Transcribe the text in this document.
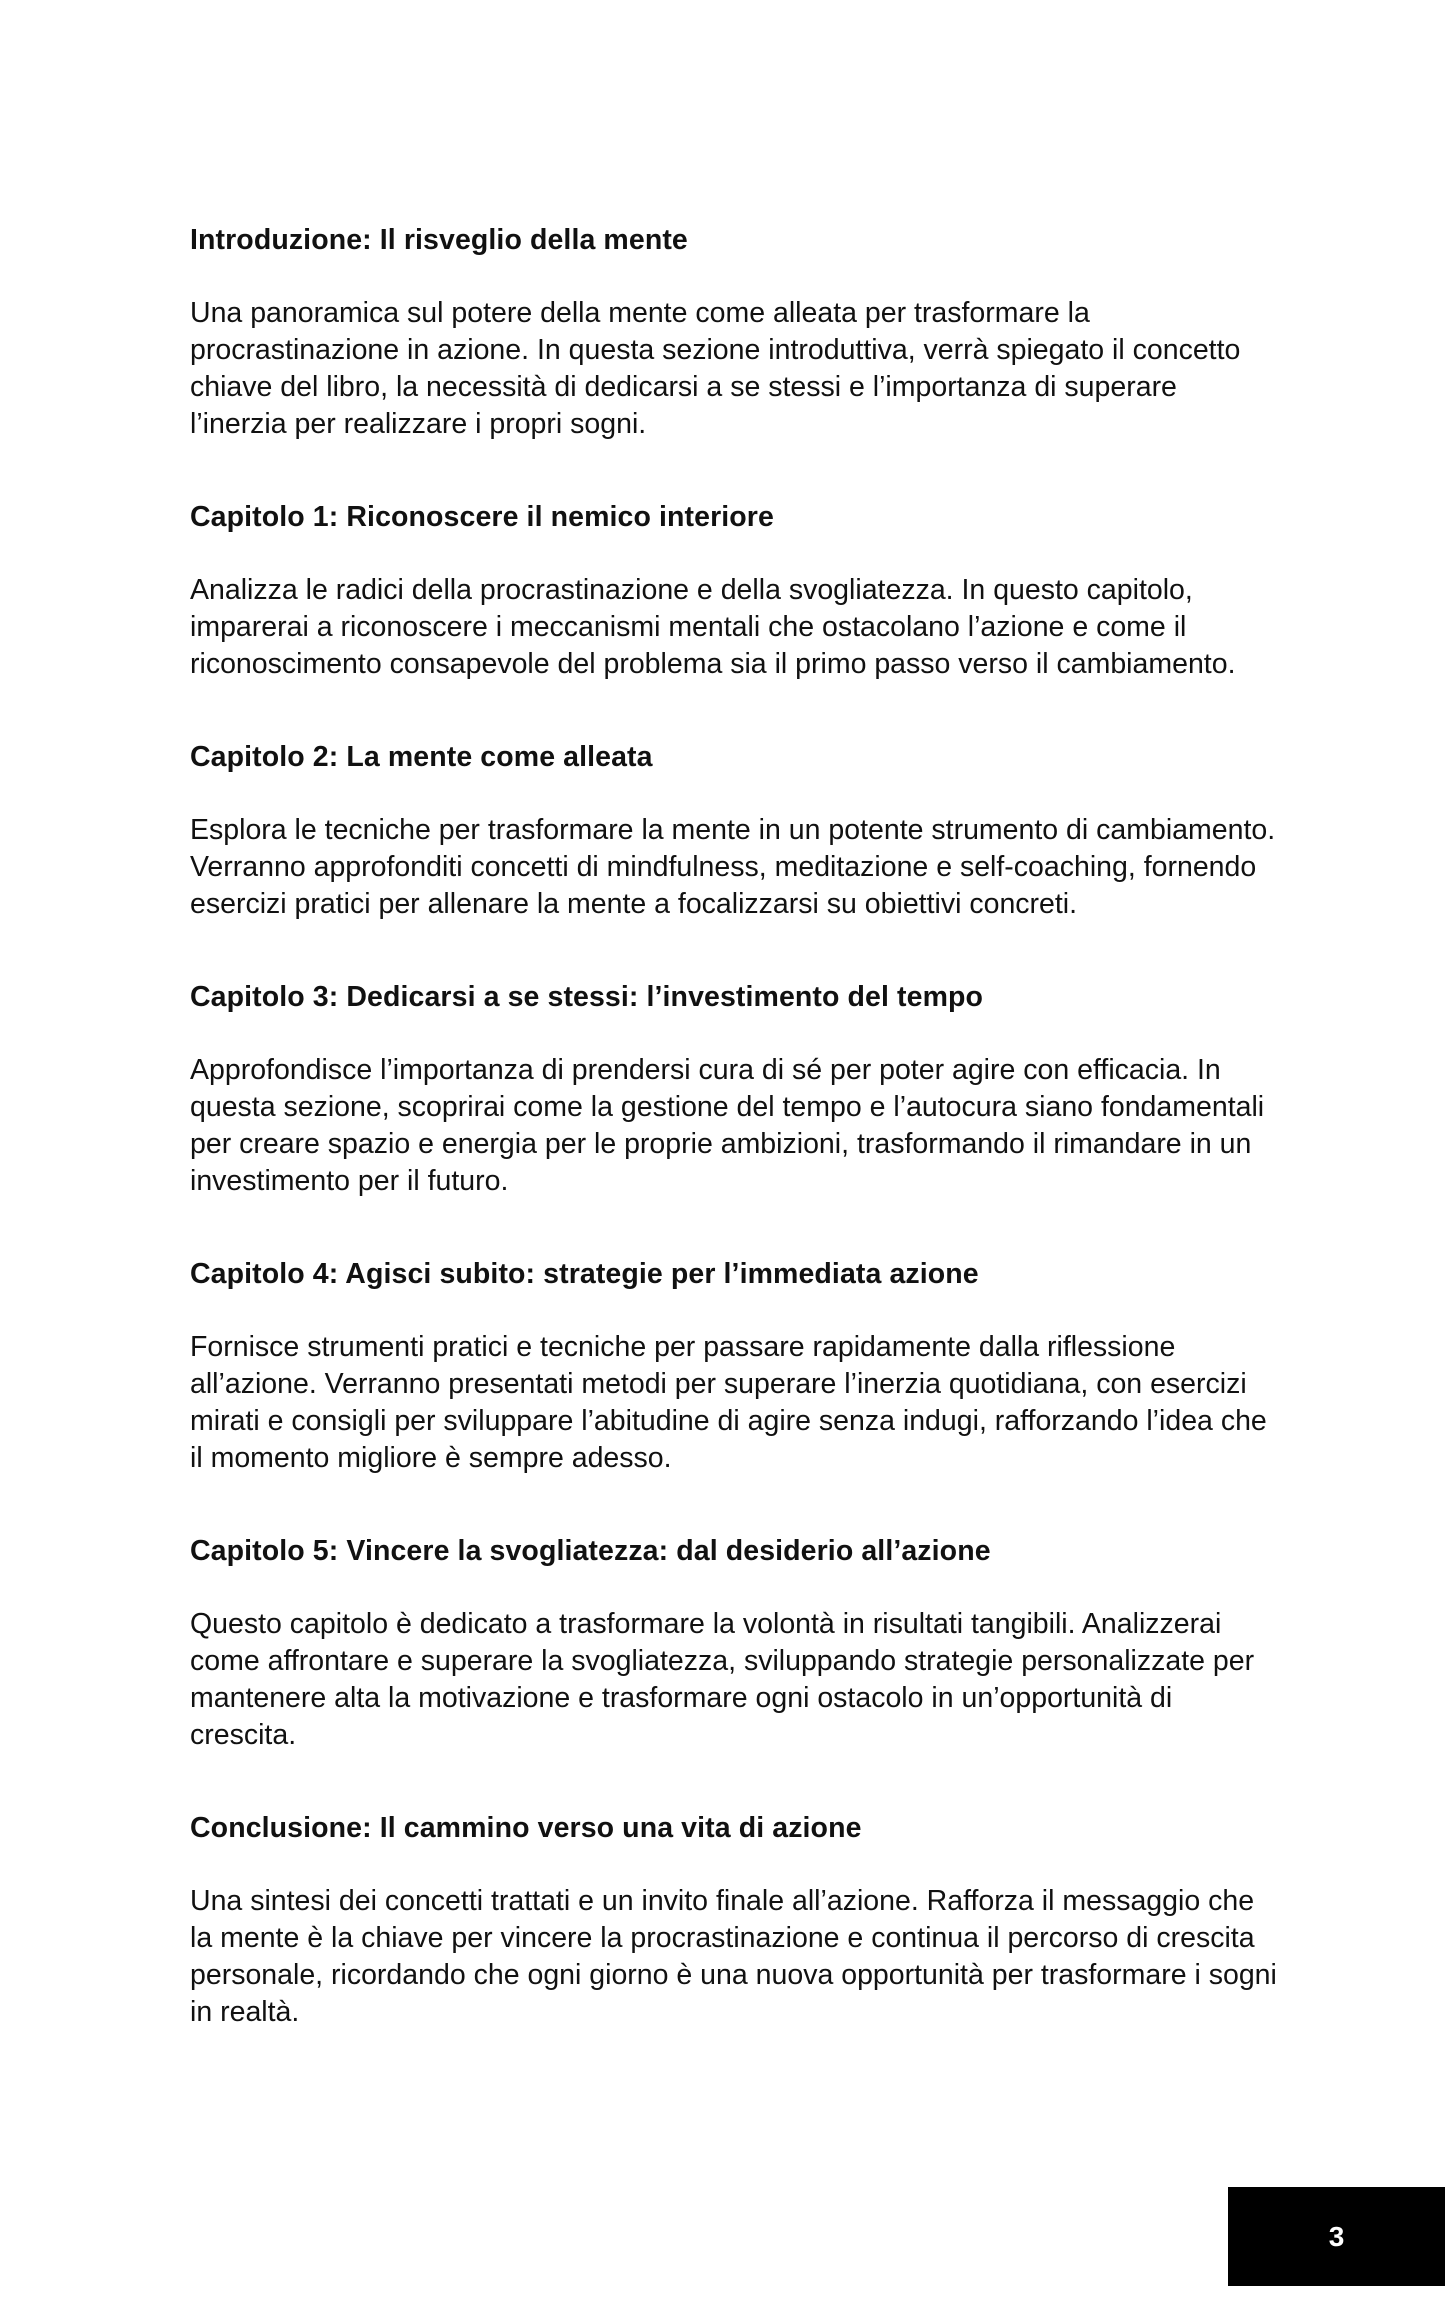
Introduzione: Il risveglio della mente

Una panoramica sul potere della mente come alleata per trasformare la procrastinazione in azione. In questa sezione introduttiva, verrà spiegato il concetto chiave del libro, la necessità di dedicarsi a se stessi e l’importanza di superare l’inerzia per realizzare i propri sogni.

Capitolo 1: Riconoscere il nemico interiore

Analizza le radici della procrastinazione e della svogliatezza. In questo capitolo, imparerai a riconoscere i meccanismi mentali che ostacolano l’azione e come il riconoscimento consapevole del problema sia il primo passo verso il cambiamento.

Capitolo 2: La mente come alleata

Esplora le tecniche per trasformare la mente in un potente strumento di cambiamento. Verranno approfonditi concetti di mindfulness, meditazione e self-coaching, fornendo esercizi pratici per allenare la mente a focalizzarsi su obiettivi concreti.

Capitolo 3: Dedicarsi a se stessi: l’investimento del tempo

Approfondisce l’importanza di prendersi cura di sé per poter agire con efficacia. In questa sezione, scoprirai come la gestione del tempo e l’autocura siano fondamentali per creare spazio e energia per le proprie ambizioni, trasformando il rimandare in un investimento per il futuro.

Capitolo 4: Agisci subito: strategie per l’immediata azione

Fornisce strumenti pratici e tecniche per passare rapidamente dalla riflessione all’azione. Verranno presentati metodi per superare l’inerzia quotidiana, con esercizi mirati e consigli per sviluppare l’abitudine di agire senza indugi, rafforzando l’idea che il momento migliore è sempre adesso.

Capitolo 5: Vincere la svogliatezza: dal desiderio all’azione

Questo capitolo è dedicato a trasformare la volontà in risultati tangibili. Analizzerai come affrontare e superare la svogliatezza, sviluppando strategie personalizzate per mantenere alta la motivazione e trasformare ogni ostacolo in un’opportunità di crescita.

Conclusione: Il cammino verso una vita di azione

Una sintesi dei concetti trattati e un invito finale all’azione. Rafforza il messaggio che la mente è la chiave per vincere la procrastinazione e continua il percorso di crescita personale, ricordando che ogni giorno è una nuova opportunità per trasformare i sogni in realtà.

3
